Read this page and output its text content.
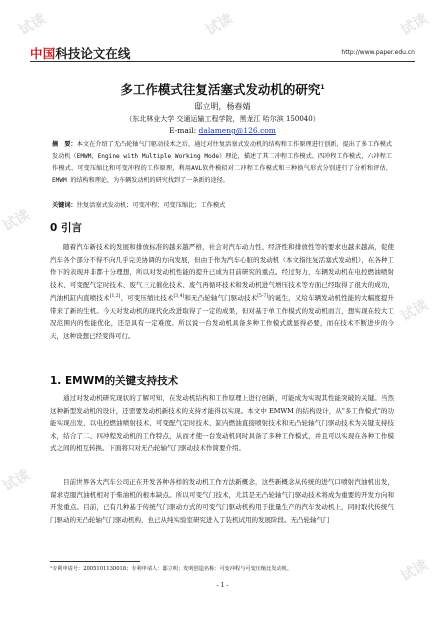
试读	试读	试读
试读
试读
试读
试读
中国 科技论文在线	http://www.paper.edu.cn
多工作模式往复活塞式发动机的研究$^1$
邸立明，杨春婧
（东北林业大学 交通运输工程学院，黑龙江 哈尔滨 150040）
E-mail: dalameng@126.com
摘　要：本文在介绍了无凸轮轴气门驱动技术之后，通过对往复活塞式发动机的结构和工作原理进行创新，提出了多工作模式发动机（EMWM，Engine with Multiple Working Mode）理论，描述了其二冲程工作模式、四冲程工作模式、六冲程工作模式、可变压缩比和可变冲程的工作原理，利用AVL软件模拟对二冲程工作模式和三种换气形式分别进行了分析和评估，EMWM 的结构和理论，为车辆发动机的研究找到了一条新的途径。
关键词：往复活塞式发动机；可变冲程；可变压缩比；工作模式
0 引言
随着汽车新技术的发展和排放标准的越来越严格，社会对汽车动力性、经济性和排放性等的要求也越来越高，促使汽车各个部分不得不向几乎完美协调的方向发展，但由于作为汽车心脏的发动机（本文指往复活塞式发动机），在各种工作下的表现并非都十分理想，所以对发动机性能的提升已成为目前研究的重点。经过努力，车辆发动机在电控燃油喷射技术、可变配气定时技术、废气三元催化技术、废气再循环技术和发动机进气增压技术等方面已经取得了很大的成功，汽油机缸内直喷技术[1,2]、可变压缩比技术[3,4]和无凸轮轴气门驱动技术[5-7]的诞生，又给车辆发动机性能的大幅度提升带来了新的生机。今天对发动机的现代化改进取得了一定的成果，但对基于单工作模式的发动机而言，想实现在较大工况范围内的性能优化，还是具有一定难度。所以说一台发动机具备多种工作模式就显得必要，而在技术不断进步的今天，这种设想已经变得可行。
1. EMWM的关键支持技术
通过对发动机研究现状的了解可知，在发动机结构和工作原理上进行创新，可能成为实现其性能突破的关键。当然这种新型发动机的设计，还需要发动机新技术的支持才能得以实现。本文中 EMWM 的结构设计，从"多工作模式"的功能实现出发，以电控燃油喷射技术、可变配气定时技术、缸内燃油直接喷射技术和无凸轮轴气门驱动技术为关键支持技术，结合了二、四冲程发动机的工作特点，从而才使一台发动机同时具备了多种工作模式，并且可以实现在各种工作模式之间的相互转换。下面将只对无凸轮轴气门驱动技术作简要介绍。
目前世界各大汽车公司正在开发各种各样的发动机工作方法新概念，这些新概念从传统的进气口喷射汽油机出发，谋求克服汽油机相对于柴油机的根本缺点。所以可变气门技术，尤其是无凸轮轴气门驱动技术将成为重要的开发方向和开发重点。目前，已有几种基于传统气门驱动方式的可变气门驱动机构用于批量生产的汽车发动机上，同时取代传统气门驱动的无凸轮轴气门驱动机构，也已从纯实验室研究进入了装机试用的发展阶段。无凸轮轴气门
¹专利申请号：2005101130018；专利申请人：邸立明；发明创造名称：可变冲程与可变压缩比发动机。
- 1 -
